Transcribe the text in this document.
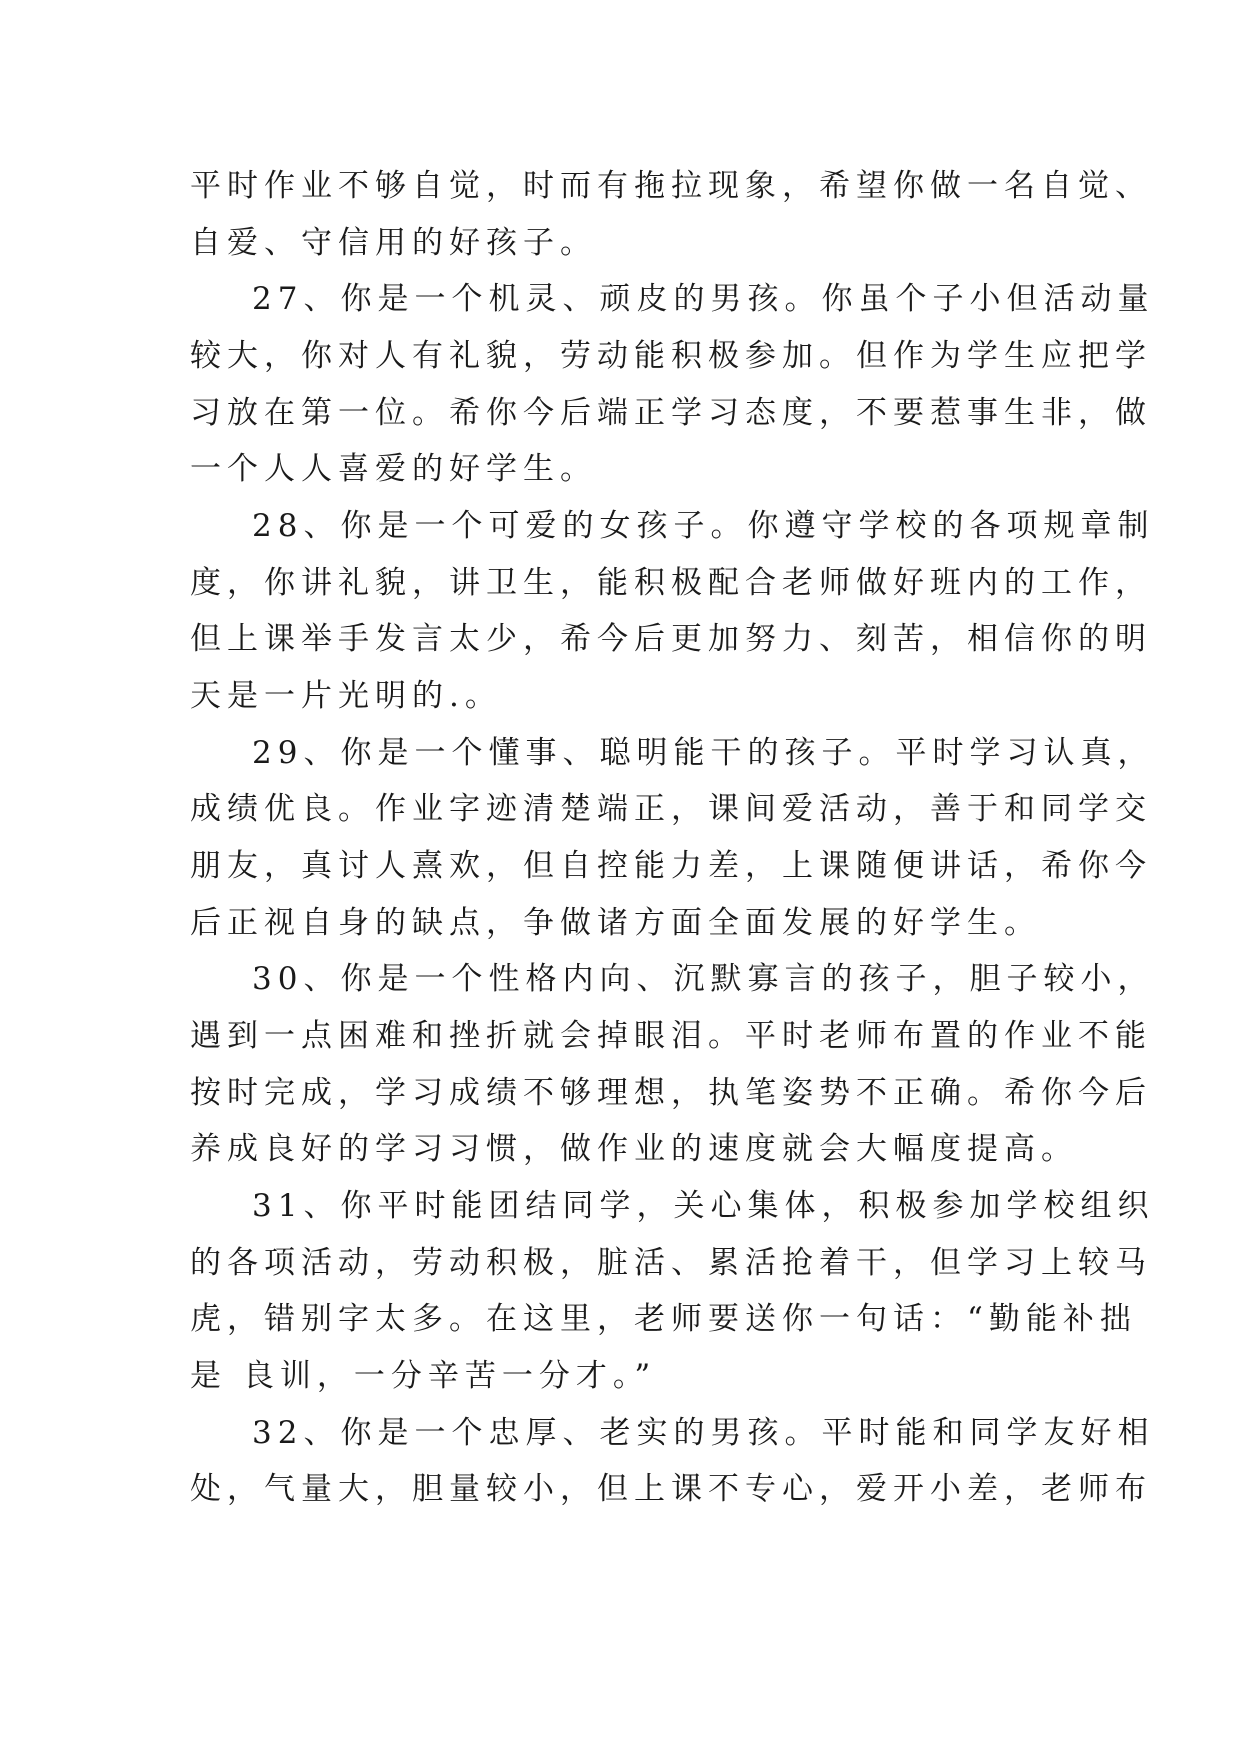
平时作业不够自觉，时而有拖拉现象，希望你做一名自觉、
自爱、守信用的好孩子。
27、你是一个机灵、顽皮的男孩。你虽个子小但活动量
较大，你对人有礼貌，劳动能积极参加。但作为学生应把学
习放在第一位。希你今后端正学习态度，不要惹事生非，做
一个人人喜爱的好学生。
28、你是一个可爱的女孩子。你遵守学校的各项规章制
度，你讲礼貌，讲卫生，能积极配合老师做好班内的工作，
但上课举手发言太少，希今后更加努力、刻苦，相信你的明
天是一片光明的.。
29、你是一个懂事、聪明能干的孩子。平时学习认真，
成绩优良。作业字迹清楚端正，课间爱活动，善于和同学交
朋友，真讨人熹欢，但自控能力差，上课随便讲话，希你今
后正视自身的缺点，争做诸方面全面发展的好学生。
30、你是一个性格内向、沉默寡言的孩子，胆子较小，
遇到一点困难和挫折就会掉眼泪。平时老师布置的作业不能
按时完成，学习成绩不够理想，执笔姿势不正确。希你今后
养成良好的学习习惯，做作业的速度就会大幅度提高。
31、你平时能团结同学，关心集体，积极参加学校组织
的各项活动，劳动积极，脏活、累活抢着干，但学习上较马
虎，错别字太多。在这里，老师要送你一句话：“勤能补拙
是 良训，一分辛苦一分才。”
32、你是一个忠厚、老实的男孩。平时能和同学友好相
处，气量大，胆量较小，但上课不专心，爱开小差，老师布
